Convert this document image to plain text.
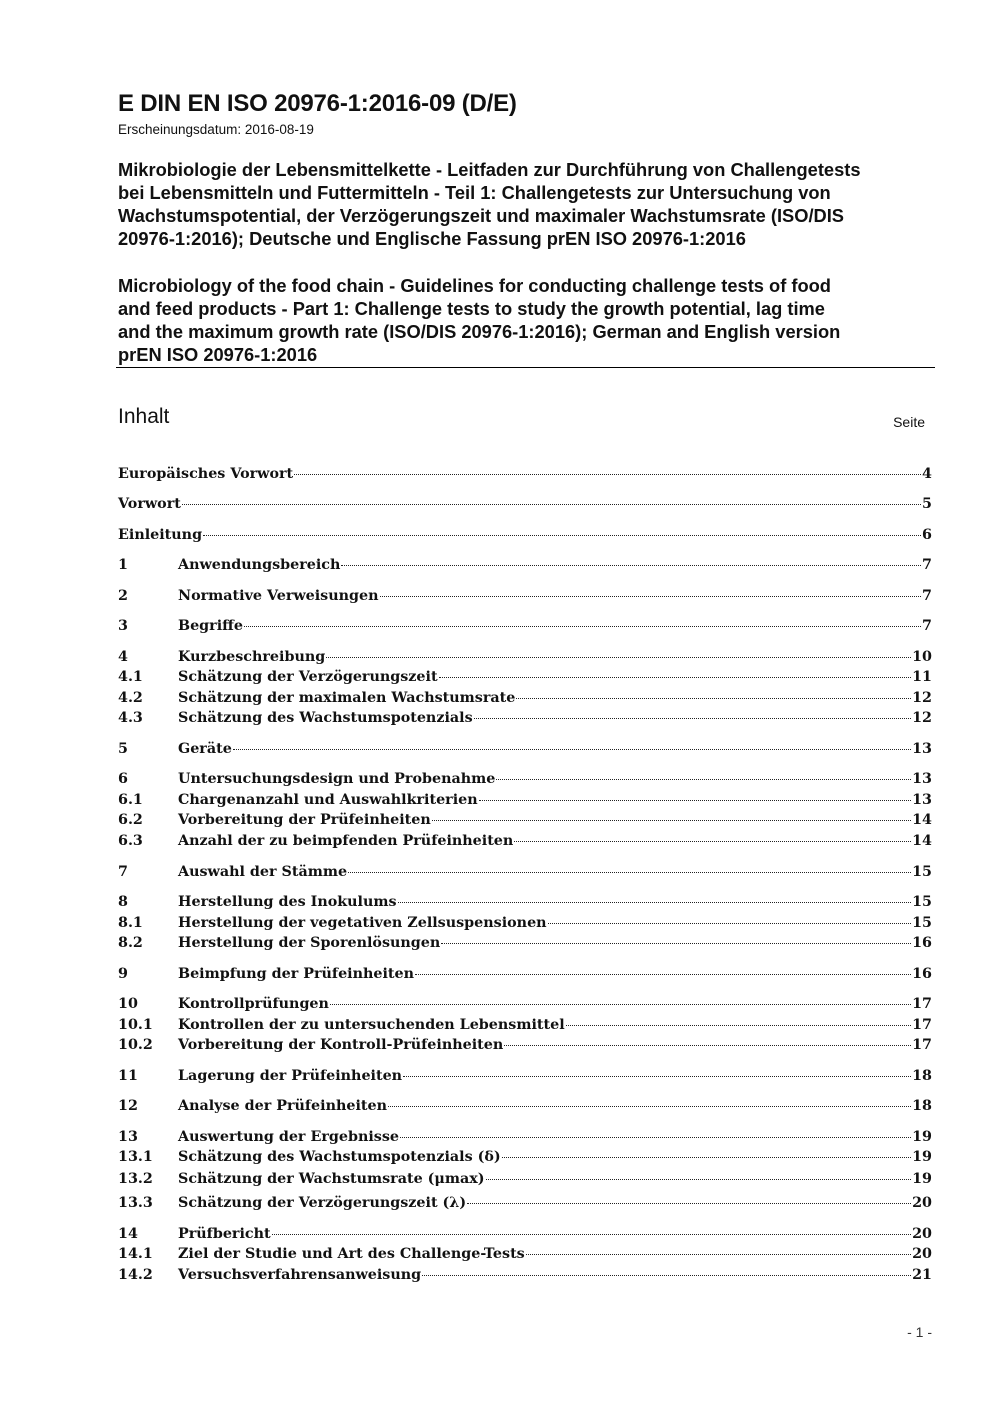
E DIN EN ISO 20976-1:2016-09 (D/E)
Erscheinungsdatum: 2016-08-19
Mikrobiologie der Lebensmittelkette - Leitfaden zur Durchführung von Challengetests
bei Lebensmitteln und Futtermitteln - Teil 1: Challengetests zur Untersuchung von
Wachstumspotential, der Verzögerungszeit und maximaler Wachstumsrate (ISO/DIS
20976-1:2016); Deutsche und Englische Fassung prEN ISO 20976-1:2016
Microbiology of the food chain - Guidelines for conducting challenge tests of food
and feed products - Part 1: Challenge tests to study the growth potential, lag time
and the maximum growth rate (ISO/DIS 20976-1:2016); German and English version
prEN ISO 20976-1:2016
Inhalt	Seite
Europäisches Vorwort	4
Vorwort	5
Einleitung	6
1	Anwendungsbereich	7
2	Normative Verweisungen	7
3	Begriffe	7
4	Kurzbeschreibung	10
4.1	Schätzung der Verzögerungszeit	11
4.2	Schätzung der maximalen Wachstumsrate	12
4.3	Schätzung des Wachstumspotenzials	12
5	Geräte	13
6	Untersuchungsdesign und Probenahme	13
6.1	Chargenanzahl und Auswahlkriterien	13
6.2	Vorbereitung der Prüfeinheiten	14
6.3	Anzahl der zu beimpfenden Prüfeinheiten	14
7	Auswahl der Stämme	15
8	Herstellung des Inokulums	15
8.1	Herstellung der vegetativen Zellsuspensionen	15
8.2	Herstellung der Sporenlösungen	16
9	Beimpfung der Prüfeinheiten	16
10	Kontrollprüfungen	17
10.1	Kontrollen der zu untersuchenden Lebensmittel	17
10.2	Vorbereitung der Kontroll-Prüfeinheiten	17
11	Lagerung der Prüfeinheiten	18
12	Analyse der Prüfeinheiten	18
13	Auswertung der Ergebnisse	19
13.1	Schätzung des Wachstumspotenzials (δ)	19
13.2	Schätzung der Wachstumsrate (μmax)	19
13.3	Schätzung der Verzögerungszeit (λ)	20
14	Prüfbericht	20
14.1	Ziel der Studie und Art des Challenge-Tests	20
14.2	Versuchsverfahrensanweisung	21
- 1 -
